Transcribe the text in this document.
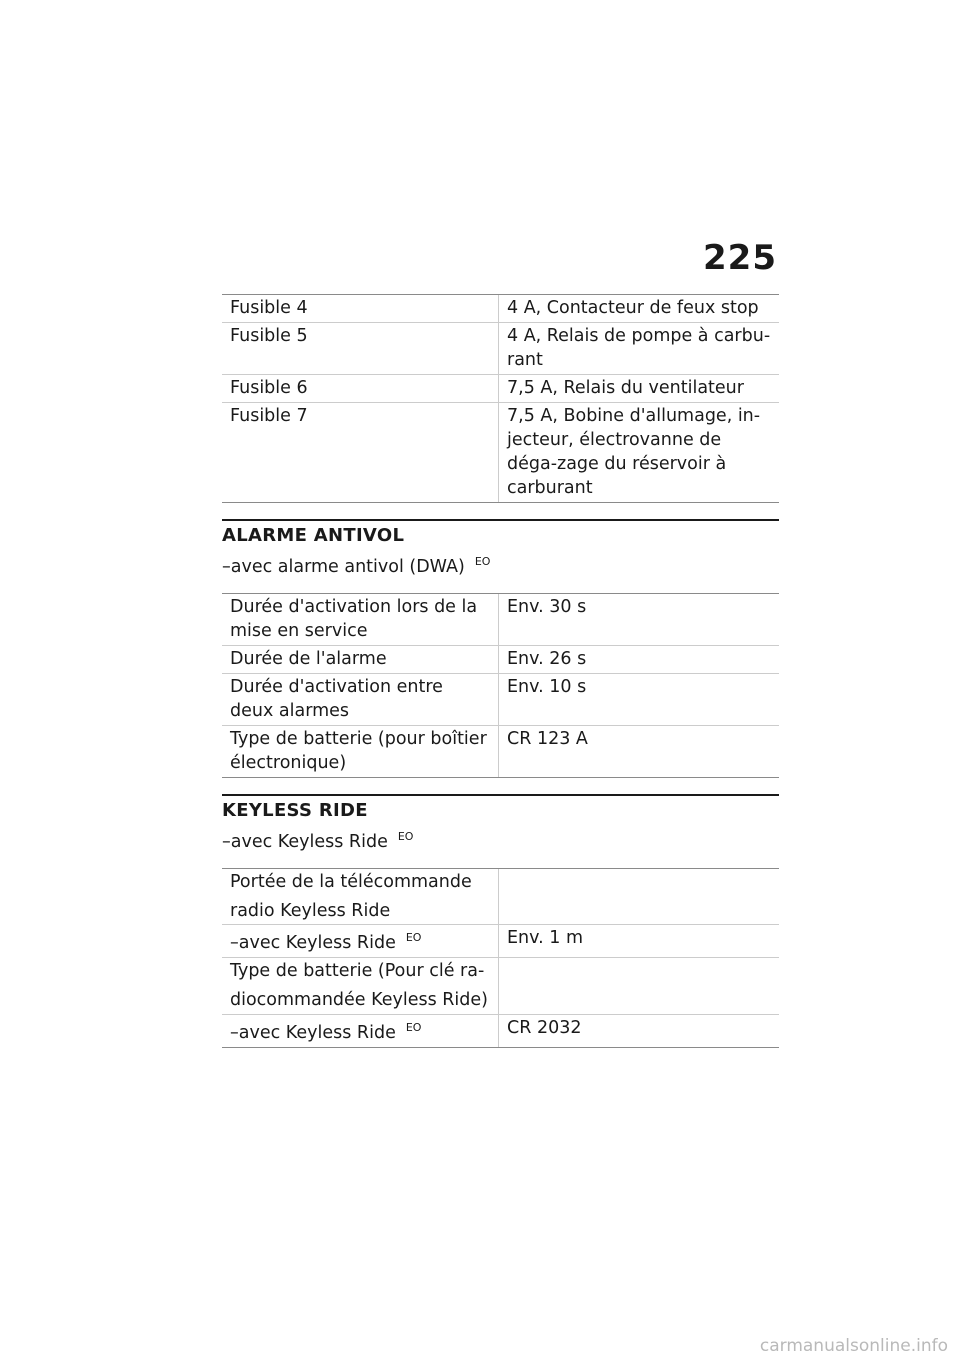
225
Fusible 4	4 A, Contacteur de feux stop
Fusible 5	4 A, Relais de pompe à carbu-rant
Fusible 6	7,5 A, Relais du ventilateur
Fusible 7	7,5 A, Bobine d'allumage, in-jecteur, électrovanne de déga-zage du réservoir à carburant
ALARME ANTIVOL
–avec alarme antivol (DWA) $^{EO}$
Durée d'activation lors de la mise en service	Env. 30 s
Durée de l'alarme	Env. 26 s
Durée d'activation entre deux alarmes	Env. 10 s
Type de batterie (pour boîtier électronique)	CR 123 A
KEYLESS RIDE
–avec Keyless Ride $^{EO}$
Portée de la télécommande radio Keyless Ride	
–avec Keyless Ride $^{EO}$	Env. 1 m
Type de batterie (Pour clé ra-diocommandée Keyless Ride)	
–avec Keyless Ride $^{EO}$	CR 2032
carmanualsonline.info
